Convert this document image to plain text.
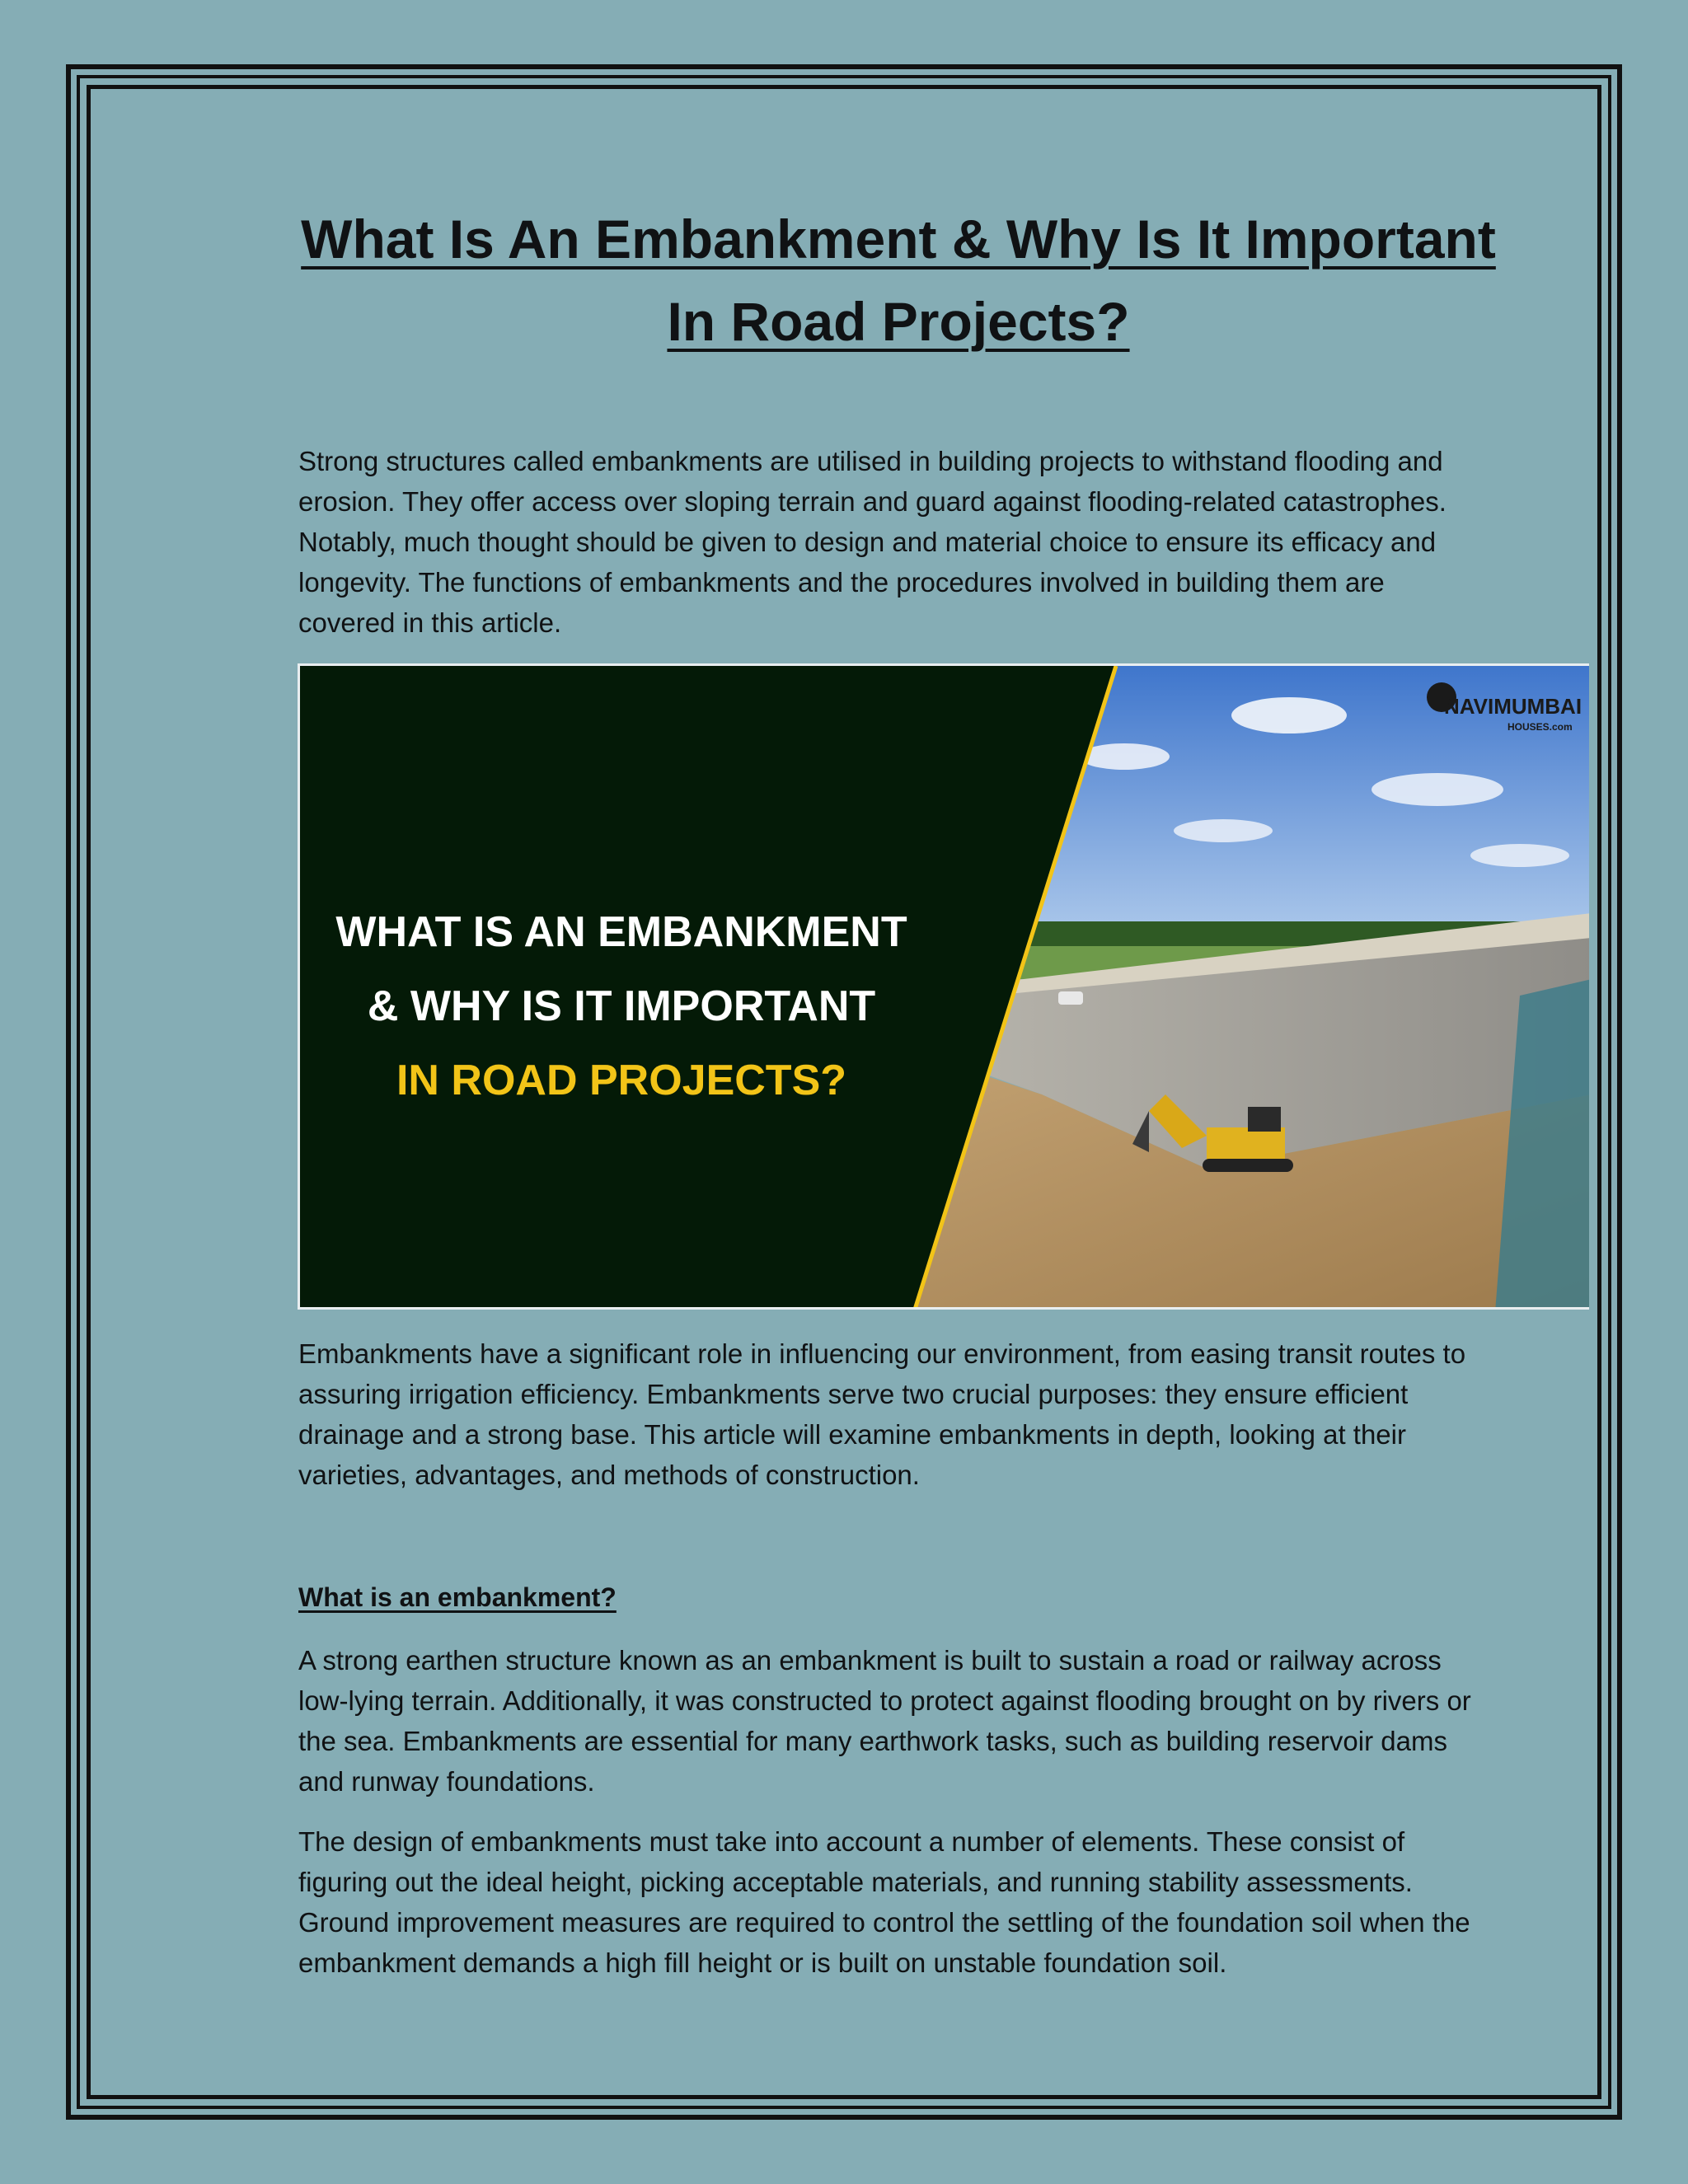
What Is An Embankment & Why Is It Important In Road Projects?

Strong structures called embankments are utilised in building projects to withstand flooding and erosion. They offer access over sloping terrain and guard against flooding-related catastrophes. Notably, much thought should be given to design and material choice to ensure its efficacy and longevity. The functions of embankments and the procedures involved in building them are covered in this article.

WHAT IS AN EMBANKMENT
& WHY IS IT IMPORTANT
IN ROAD PROJECTS?
NAVIMUMBAI
HOUSES.com

Embankments have a significant role in influencing our environment, from easing transit routes to assuring irrigation efficiency. Embankments serve two crucial purposes: they ensure efficient drainage and a strong base. This article will examine embankments in depth, looking at their varieties, advantages, and methods of construction.

What is an embankment?

A strong earthen structure known as an embankment is built to sustain a road or railway across low-lying terrain. Additionally, it was constructed to protect against flooding brought on by rivers or the sea. Embankments are essential for many earthwork tasks, such as building reservoir dams and runway foundations.

The design of embankments must take into account a number of elements. These consist of figuring out the ideal height, picking acceptable materials, and running stability assessments. Ground improvement measures are required to control the settling of the foundation soil when the embankment demands a high fill height or is built on unstable foundation soil.
